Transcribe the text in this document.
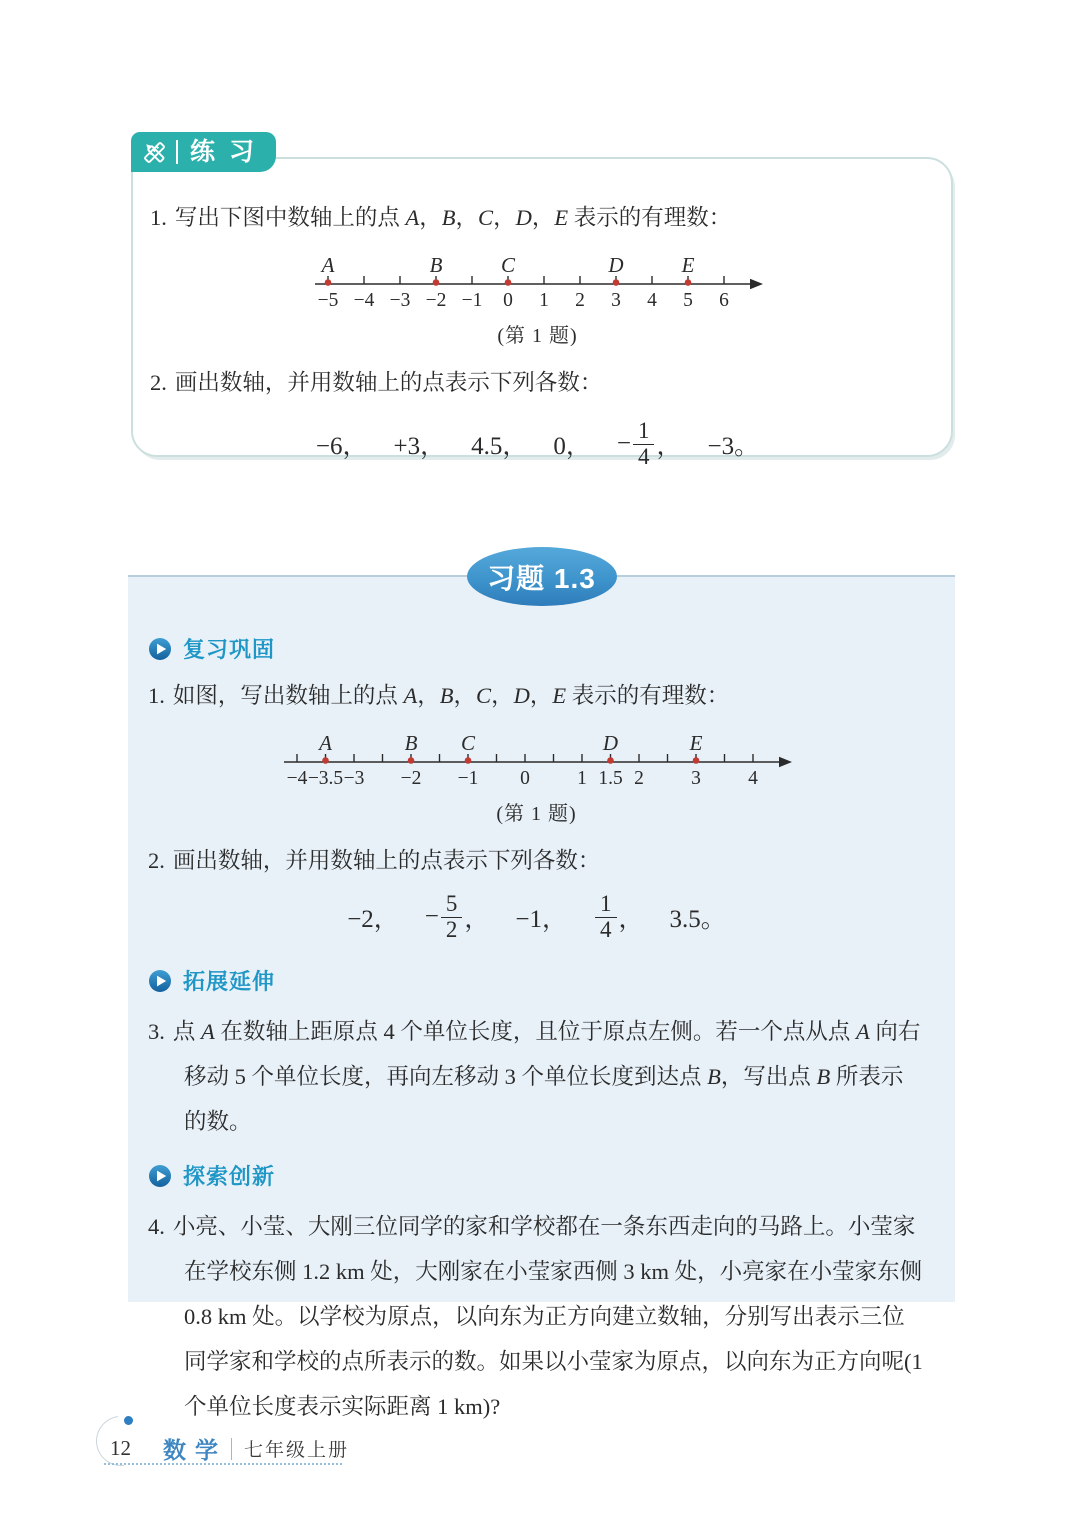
练习
1. 写出下图中数轴上的点 A，B，C，D，E 表示的有理数：
−5 −4 −3 −2 −1 0 1 2 3 4 5 6
A	B	C	D	E
(第 1 题)
2. 画出数轴，并用数轴上的点表示下列各数：
−6， +3， 4.5， 0， − $\frac{1}{4}$ ， −3。
习题 1.3
复习巩固
1. 如图，写出数轴上的点 A，B，C，D，E 表示的有理数：
−4 −3.5 −3 −2 −1 0 1 1.5 2 3 4
A	B C	D	E
(第 1 题)
2. 画出数轴，并用数轴上的点表示下列各数：
−2， − $\frac{5}{2}$ ， −1， $\frac{1}{4}$ ， 3.5。
拓展延伸
3. 点 A 在数轴上距原点 4 个单位长度，且位于原点左侧。若一个点从点 A 向右移动 5 个单位长度，再向左移动 3 个单位长度到达点 B，写出点 B 所表示的数。
探索创新
4. 小亮、小莹、大刚三位同学的家和学校都在一条东西走向的马路上。小莹家在学校东侧 1.2 km 处，大刚家在小莹家西侧 3 km 处，小亮家在小莹家东侧 0.8 km 处。以学校为原点，以向东为正方向建立数轴，分别写出表示三位同学家和学校的点所表示的数。如果以小莹家为原点，以向东为正方向呢(1 个单位长度表示实际距离 1 km)?
12 数学 七年级上册
